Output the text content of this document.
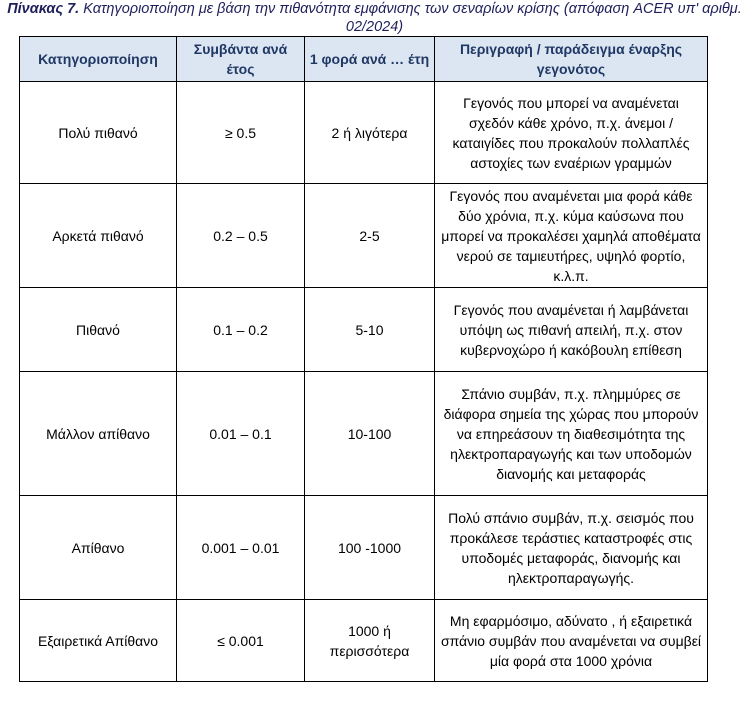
Πίνακας 7. Κατηγοριοποίηση με βάση την πιθανότητα εμφάνισης των σεναρίων κρίσης (απόφαση ACER υπ' αριθμ. 02/2024)
Κατηγοριοποίηση	Συμβάντα ανά έτος	1 φορά ανά … έτη	Περιγραφή / παράδειγμα έναρξης γεγονότος
Πολύ πιθανό	≥ 0.5	2 ή λιγότερα	Γεγονός που μπορεί να αναμένεται σχεδόν κάθε χρόνο, π.χ. άνεμοι / καταιγίδες που προκαλούν πολλαπλές αστοχίες των εναέριων γραμμών
Αρκετά πιθανό	0.2 – 0.5	2-5	Γεγονός που αναμένεται μια φορά κάθε δύο χρόνια, π.χ. κύμα καύσωνα που μπορεί να προκαλέσει χαμηλά αποθέματα νερού σε ταμιευτήρες, υψηλό φορτίο, κ.λ.π.
Πιθανό	0.1 – 0.2	5-10	Γεγονός που αναμένεται ή λαμβάνεται υπόψη ως πιθανή απειλή, π.χ. στον κυβερνοχώρο ή κακόβουλη επίθεση
Μάλλον απίθανο	0.01 – 0.1	10-100	Σπάνιο συμβάν, π.χ. πλημμύρες σε διάφορα σημεία της χώρας που μπορούν να επηρεάσουν τη διαθεσιμότητα της ηλεκτροπαραγωγής και των υποδομών διανομής και μεταφοράς
Απίθανο	0.001 – 0.01	100 -1000	Πολύ σπάνιο συμβάν, π.χ. σεισμός που προκάλεσε τεράστιες καταστροφές στις υποδομές μεταφοράς, διανομής και ηλεκτροπαραγωγής.
Εξαιρετικά Απίθανο	≤ 0.001	1000 ή περισσότερα	Μη εφαρμόσιμο, αδύνατο , ή εξαιρετικά σπάνιο συμβάν που αναμένεται να συμβεί μία φορά στα 1000 χρόνια
